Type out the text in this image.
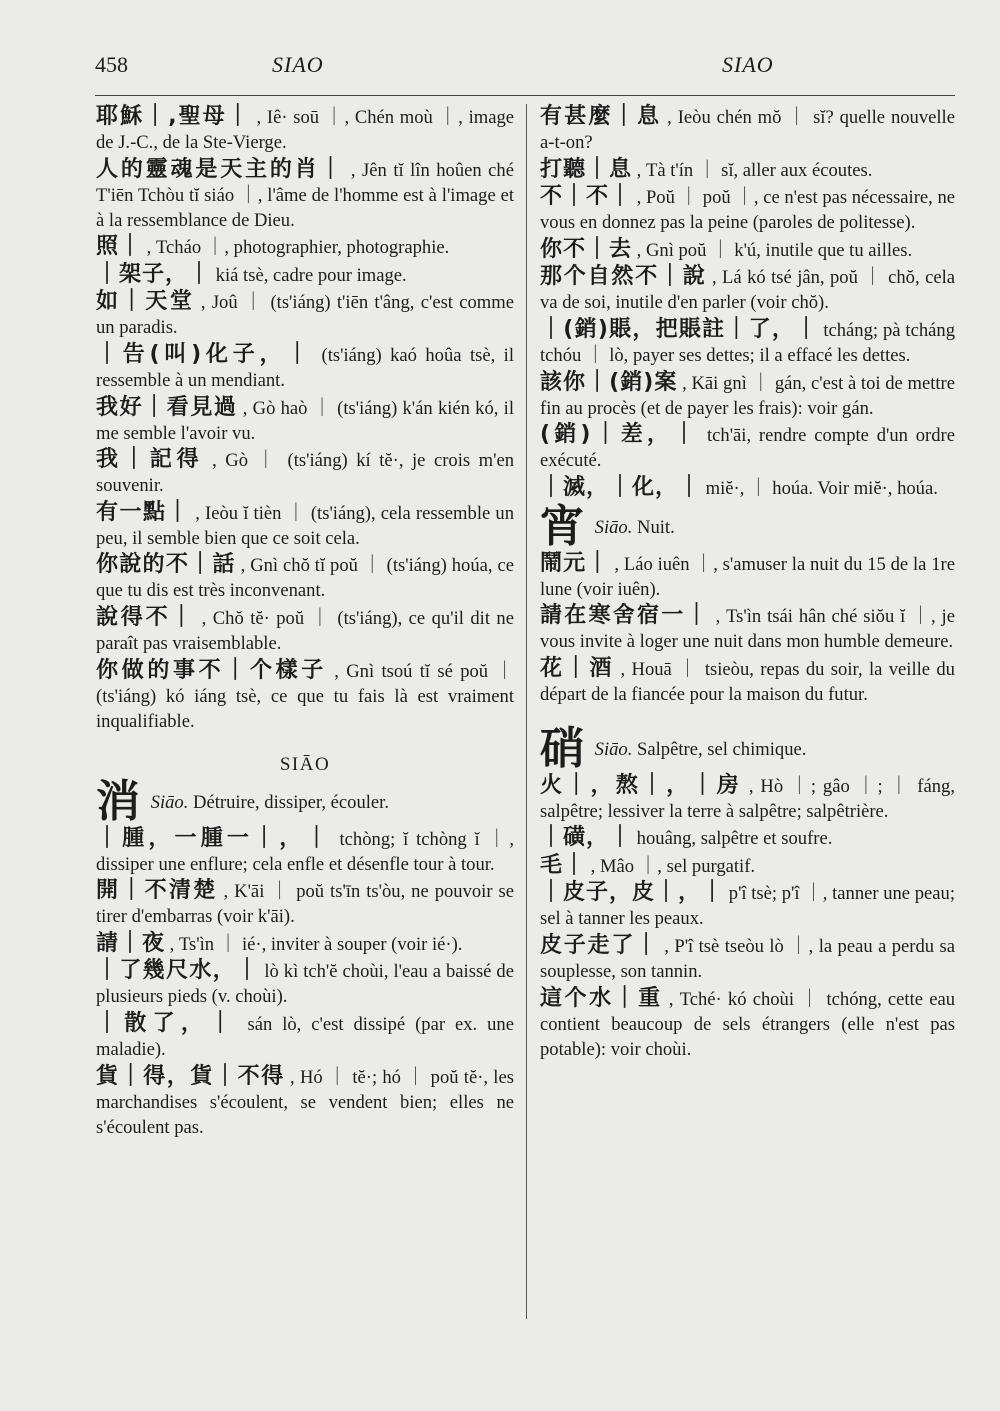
458	SIAO	SIAO

耶穌｜,聖母｜ , Iê· soū ｜, Chén moù ｜, image de J.-C., de la Ste-Vierge.

人的靈魂是天主的肖｜ , Jên tĭ lîn hoûen ché T'iēn Tchòu tĭ siáo ｜, l'âme de l'homme est à l'image et à la ressemblance de Dieu.

照｜ , Tcháo ｜, photographier, photographie.

｜架子，｜ kiá tsè, cadre pour image.

如｜天堂 , Joû ｜ (ts'iáng) t'iēn t'âng, c'est comme un paradis.

｜告(叫)化子，｜ (ts'iáng) kaó hoûa tsè, il ressemble à un mendiant.

我好｜看見過 , Gò haò ｜ (ts'iáng) k'án kién kó, il me semble l'avoir vu.

我｜記得 , Gò ｜ (ts'iáng) kí tĕ·, je crois m'en souvenir.

有一點｜ , Ieòu ĭ tièn ｜ (ts'iáng), cela ressemble un peu, il semble bien que ce soit cela.

你說的不｜話 , Gnì chŏ tĭ poŭ ｜ (ts'iáng) hoúa, ce que tu dis est très inconvenant.

說得不｜ , Chŏ tĕ· poŭ ｜ (ts'iáng), ce qu'il dit ne paraît pas vraisemblable.

你做的事不｜个樣子 , Gnì tsoú tĭ sé poŭ ｜ (ts'iáng) kó iáng tsè, ce que tu fais là est vraiment inqualifiable.

SIĀO
消 Siāo. Détruire, dissiper, écouler.

｜腫，一腫一｜，｜ tchòng; ĭ tchòng ĭ ｜, dissiper une enflure; cela enfle et désenfle tour à tour.

開｜不清楚 , K'āi ｜ poŭ ts'īn ts'òu, ne pouvoir se tirer d'embarras (voir k'āi).

請｜夜 , Ts'ìn ｜ ié·, inviter à souper (voir ié·).

｜了幾尺水，｜ lò kì tch'ĕ choùi, l'eau a baissé de plusieurs pieds (v. choùi).

｜散了，｜ sán lò, c'est dissipé (par ex. une maladie).

貨｜得，貨｜不得 , Hó ｜ tĕ·; hó ｜ poŭ tĕ·, les marchandises s'écoulent, se vendent bien; elles ne s'écoulent pas.

有甚麼｜息 , Ieòu chén mŏ ｜ sĭ? quelle nouvelle a-t-on?

打聽｜息 , Tà t'ín ｜ sĭ, aller aux écoutes.

不｜不｜ , Poŭ ｜ poŭ ｜, ce n'est pas nécessaire, ne vous en donnez pas la peine (paroles de politesse).

你不｜去 , Gnì poŭ ｜ k'ú, inutile que tu ailles.

那个自然不｜說 , Lá kó tsé jân, poŭ ｜ chŏ, cela va de soi, inutile d'en parler (voir chŏ).

｜(銷)賬，把賬註｜了，｜ tcháng; pà tcháng tchóu ｜ lò, payer ses dettes; il a effacé les dettes.

該你｜(銷)案 , Kāi gnì ｜ gán, c'est à toi de mettre fin au procès (et de payer les frais): voir gán.

(銷)｜差，｜ tch'āi, rendre compte d'un ordre exécuté.

｜滅，｜化，｜ miĕ·, ｜ hoúa. Voir miĕ·, hoúa.

宵 Siāo. Nuit.

鬧元｜ , Láo iuên ｜, s'amuser la nuit du 15 de la 1re lune (voir iuên).

請在寒舍宿一｜ , Ts'ìn tsái hân ché siŏu ĭ ｜, je vous invite à loger une nuit dans mon humble demeure.

花｜酒 , Houā ｜ tsieòu, repas du soir, la veille du départ de la fiancée pour la maison du futur.

硝 Siāo. Salpêtre, sel chimique.

火｜，熬｜，｜房 , Hò ｜; gâo ｜; ｜ fáng, salpêtre; lessiver la terre à salpêtre; salpêtrière.

｜磺，｜ houâng, salpêtre et soufre.

毛｜ , Mâo ｜, sel purgatif.

｜皮子，皮｜，｜ p'î tsè; p'î ｜, tanner une peau; sel à tanner les peaux.

皮子走了｜ , P'î tsè tseòu lò ｜, la peau a perdu sa souplesse, son tannin.

這个水｜重 , Tché· kó choùi ｜ tchóng, cette eau contient beaucoup de sels étrangers (elle n'est pas potable): voir choùi.
